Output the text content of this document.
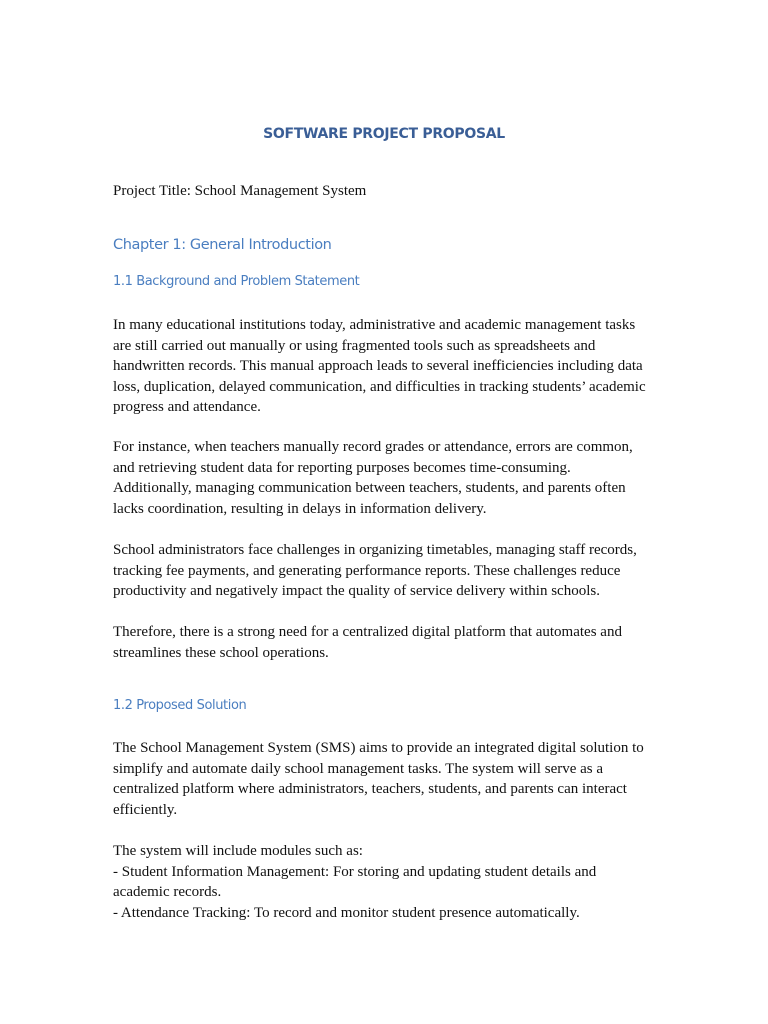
SOFTWARE PROJECT PROPOSAL

Project Title: School Management System

Chapter 1: General Introduction
1.1 Background and Problem Statement

In many educational institutions today, administrative and academic management tasks
are still carried out manually or using fragmented tools such as spreadsheets and
handwritten records. This manual approach leads to several inefficiencies including data
loss, duplication, delayed communication, and difficulties in tracking students’ academic
progress and attendance.

For instance, when teachers manually record grades or attendance, errors are common,
and retrieving student data for reporting purposes becomes time-consuming.
Additionally, managing communication between teachers, students, and parents often
lacks coordination, resulting in delays in information delivery.

School administrators face challenges in organizing timetables, managing staff records,
tracking fee payments, and generating performance reports. These challenges reduce
productivity and negatively impact the quality of service delivery within schools.

Therefore, there is a strong need for a centralized digital platform that automates and
streamlines these school operations.

1.2 Proposed Solution

The School Management System (SMS) aims to provide an integrated digital solution to
simplify and automate daily school management tasks. The system will serve as a
centralized platform where administrators, teachers, students, and parents can interact
efficiently.

The system will include modules such as:
- Student Information Management: For storing and updating student details and
academic records.
- Attendance Tracking: To record and monitor student presence automatically.
